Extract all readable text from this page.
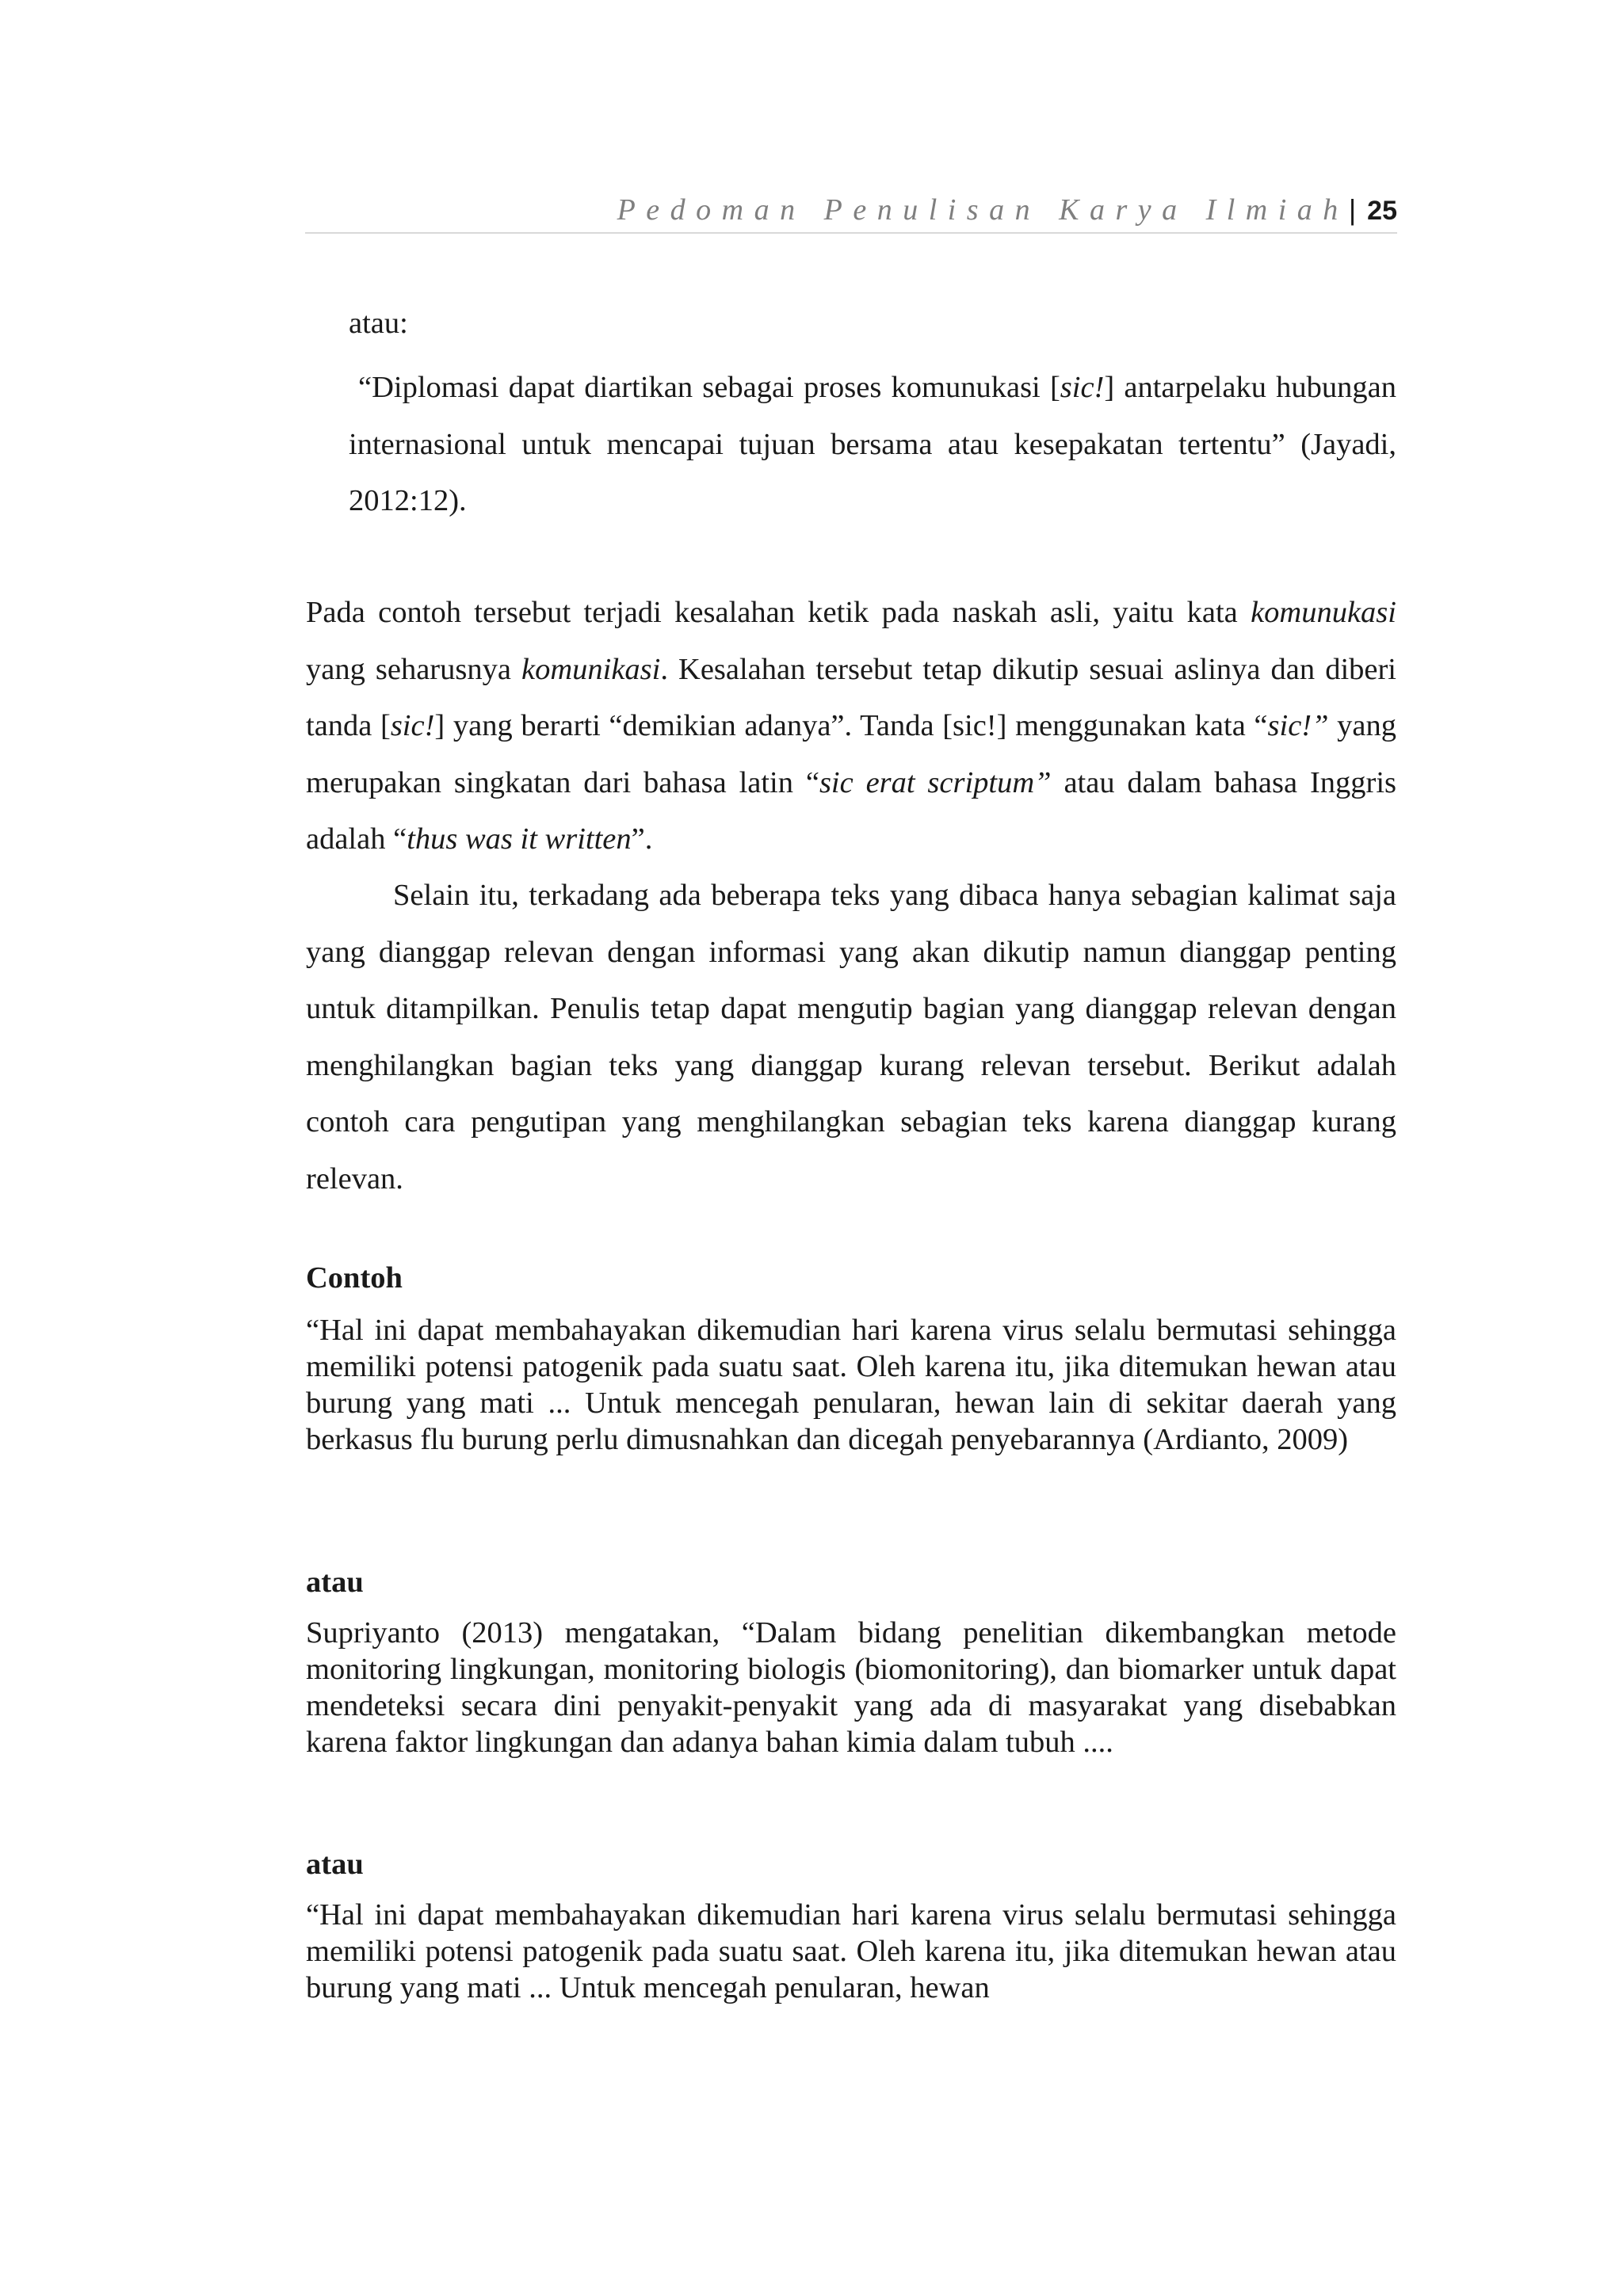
Pedoman Penulisan Karya Ilmiah | 25
atau:

“Diplomasi dapat diartikan sebagai proses komunukasi [sic!] antarpelaku hubungan internasional untuk mencapai tujuan bersama atau kesepakatan tertentu” (Jayadi, 2012:12).

Pada contoh tersebut terjadi kesalahan ketik pada naskah asli, yaitu kata komunukasi yang seharusnya komunikasi. Kesalahan tersebut tetap dikutip sesuai aslinya dan diberi tanda [sic!] yang berarti “demikian adanya”. Tanda [sic!] menggunakan kata “sic!” yang merupakan singkatan dari bahasa latin “sic erat scriptum” atau dalam bahasa Inggris adalah “thus was it written”.

Selain itu, terkadang ada beberapa teks yang dibaca hanya sebagian kalimat saja yang dianggap relevan dengan informasi yang akan dikutip namun dianggap penting untuk ditampilkan. Penulis tetap dapat mengutip bagian yang dianggap relevan dengan menghilangkan bagian teks yang dianggap kurang relevan tersebut. Berikut adalah contoh cara pengutipan yang menghilangkan sebagian teks karena dianggap kurang relevan.

Contoh

“Hal ini dapat membahayakan dikemudian hari karena virus selalu bermutasi sehingga memiliki potensi patogenik pada suatu saat. Oleh karena itu, jika ditemukan hewan atau burung yang mati ... Untuk mencegah penularan, hewan lain di sekitar daerah yang berkasus flu burung perlu dimusnahkan dan dicegah penyebarannya (Ardianto, 2009)

atau

Supriyanto (2013) mengatakan, “Dalam bidang penelitian dikembangkan metode monitoring lingkungan, monitoring biologis (biomonitoring), dan biomarker untuk dapat mendeteksi secara dini penyakit-penyakit yang ada di masyarakat yang disebabkan karena faktor lingkungan dan adanya bahan kimia dalam tubuh ....

atau

“Hal ini dapat membahayakan dikemudian hari karena virus selalu bermutasi sehingga memiliki potensi patogenik pada suatu saat. Oleh karena itu, jika ditemukan hewan atau burung yang mati ... Untuk mencegah penularan, hewan
